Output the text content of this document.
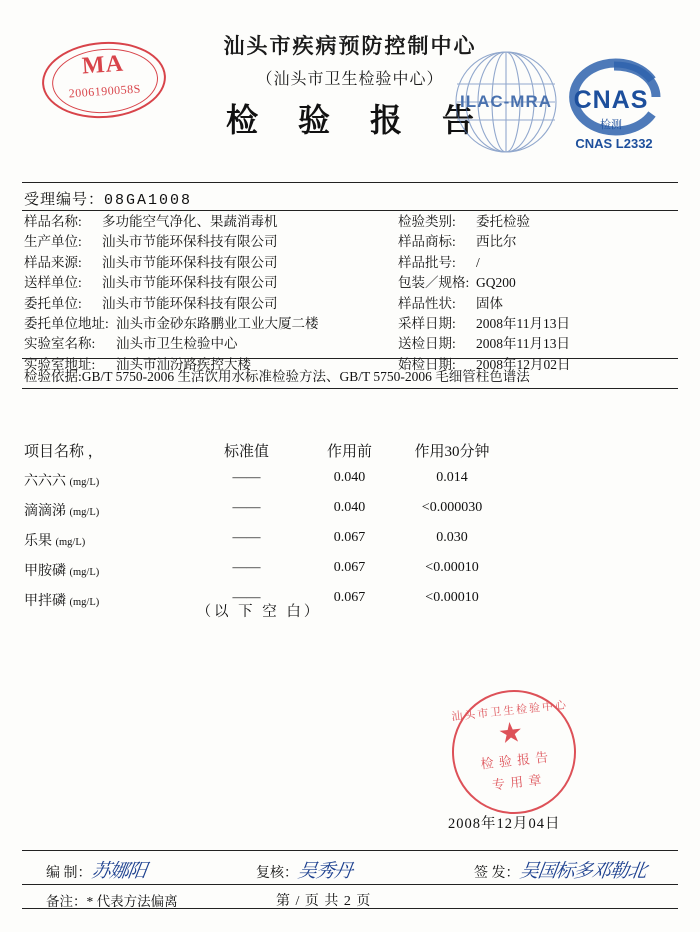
MA
2006190058S
汕头市疾病预防控制中心
（汕头市卫生检验中心）
检 验 报 告
ILAC-MRA CNAS
检测
CNAS L2332
受理编号：08GA1008
样品名称:	多功能空气净化、果蔬消毒机	检验类别:	委托检验
生产单位:	汕头市节能环保科技有限公司	样品商标:	西比尔
样品来源:	汕头市节能环保科技有限公司	样品批号:	/
送样单位:	汕头市节能环保科技有限公司	包装／规格: GQ200
委托单位:	汕头市节能环保科技有限公司	样品性状:	固体
委托单位地址: 汕头市金砂东路鹏业工业大厦二楼	采样日期:	2008年11月13日
实验室名称:	汕头市卫生检验中心	送检日期:	2008年11月13日
实验室地址:	汕头市汕汾路疾控大楼	始检日期:	2008年12月02日
检验依据:GB/T 5750-2006 生活饮用水标准检验方法、GB/T 5750-2006 毛细管柱色谱法
项目名称 ，	标准值	作用前	作用30分钟
六六六 (mg/L)	——	0.040	0.014
滴滴涕 (mg/L)	——	0.040	<0.000030
乐果 (mg/L)	——	0.067	0.030
甲胺磷 (mg/L)	——	0.067	<0.00010
甲拌磷 (mg/L)	——	0.067	<0.00010
（以 下 空 白）
汕头市卫生检验中心
★
检 验 报 告
专 用 章
2008年12月04日
编 制：苏娜阳	复核：吴秀丹	签 发：吴国标多邓勒北
备注：* 代表方法偏离	第 / 页 共 2 页
